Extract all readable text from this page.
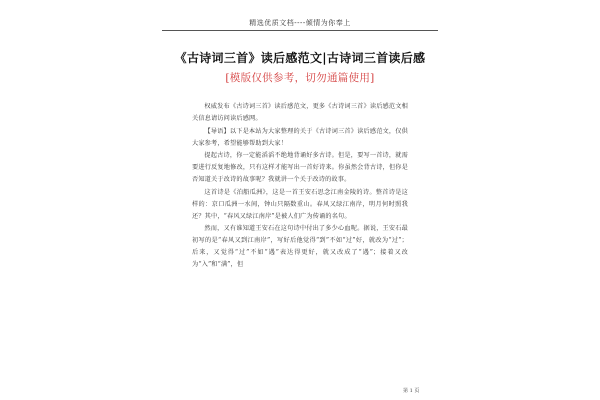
精选优质文档----倾情为你奉上
《古诗词三首》读后感范文|古诗词三首读后感
[模版仅供参考，切勿通篇使用]

权威发布《古诗词三首》读后感范文，更多《古诗词三首》读后感范文相关信息请访问读后感网。

【导语】以下是本站为大家整理的关于《古诗词三首》读后感范文，仅供大家参考，希望能够帮助到大家！

提起古诗，你一定能滔滔不绝地背诵好多古诗。但是，要写一首诗，就需要进行反复地修改，只有这样才能写出一首好诗来。你虽然会背古诗，但你是否知道关于改诗的故事呢？我就讲一个关于改诗的故事。

这首诗是《泊船瓜洲》，这是一首王安石思念江南金陵的诗。整首诗是这样的：京口瓜洲一水间，钟山只隔数重山。春风又绿江南岸，明月何时照我还？其中，“春风又绿江南岸”是被人们广为传诵的名句。

然而，又有谁知道王安石在这句诗中付出了多少心血呢。据说，王安石最初写的是“春风又到江南岸”，写好后他觉得“到”不如“过”好，就改为“过”；后来，又觉得“过”不如“遇”表达得更好，就又改成了“遇”；接着又改为“入”和“满”，但

第 1 页
